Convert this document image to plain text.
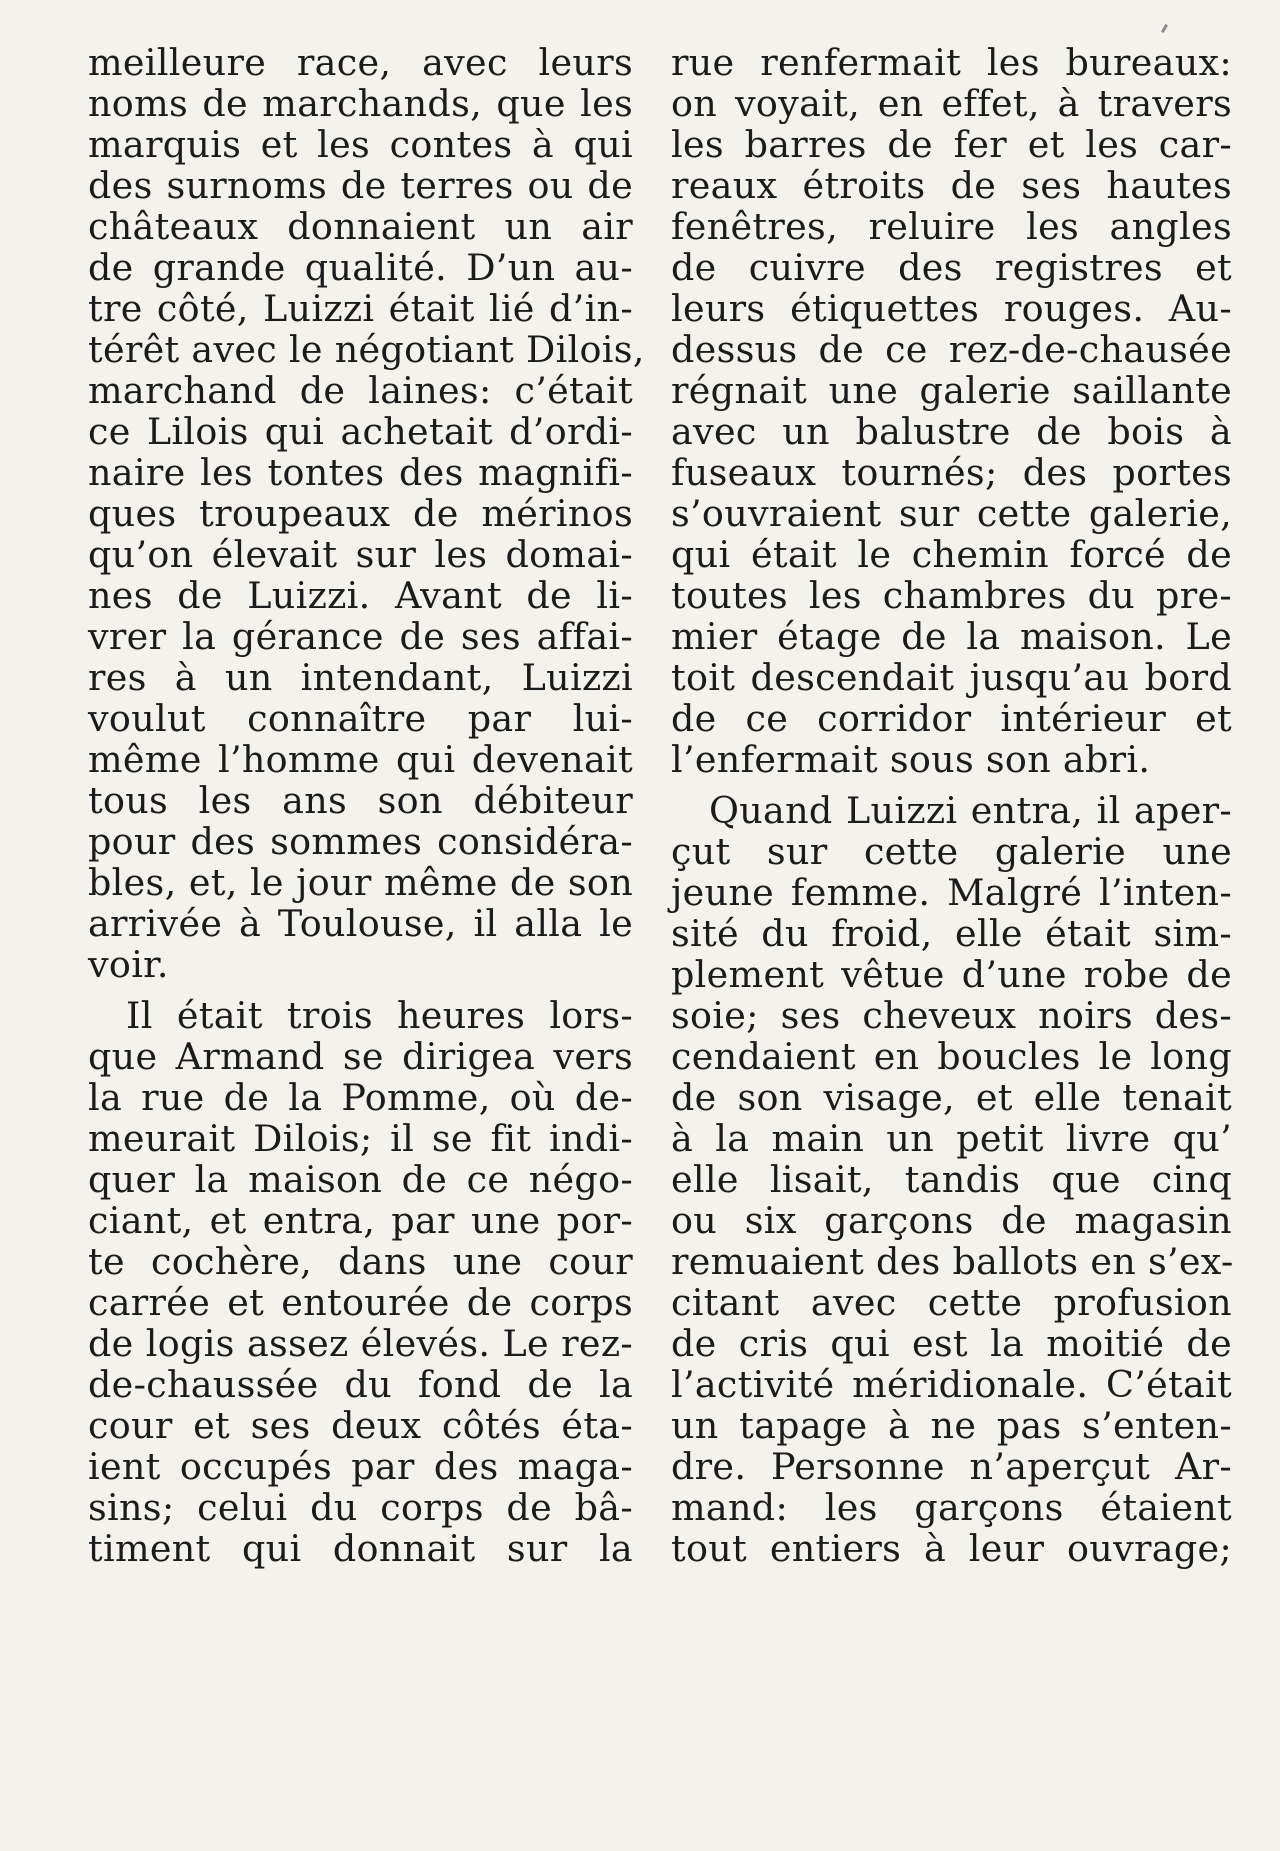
meilleure race, avec leurs
noms de marchands, que les
marquis et les contes à qui
des surnoms de terres ou de
châteaux donnaient un air
de grande qualité. D’un au-
tre côté, Luizzi était lié d’in-
térêt avec le négotiant Dilois,
marchand de laines: c’était
ce Lilois qui achetait d’ordi-
naire les tontes des magnifi-
ques troupeaux de mérinos
qu’on élevait sur les domai-
nes de Luizzi. Avant de li-
vrer la gérance de ses affai-
res à un intendant, Luizzi
voulut connaître par lui-
même l’homme qui devenait
tous les ans son débiteur
pour des sommes considéra-
bles, et, le jour même de son
arrivée à Toulouse, il alla le
voir.
Il était trois heures lors-
que Armand se dirigea vers
la rue de la Pomme, où de-
meurait Dilois; il se fit indi-
quer la maison de ce négo-
ciant, et entra, par une por-
te cochère, dans une cour
carrée et entourée de corps
de logis assez élevés. Le rez-
de-chaussée du fond de la
cour et ses deux côtés éta-
ient occupés par des maga-
sins; celui du corps de bâ-
timent qui donnait sur la
rue renfermait les bureaux:
on voyait, en effet, à travers
les barres de fer et les car-
reaux étroits de ses hautes
fenêtres, reluire les angles
de cuivre des registres et
leurs étiquettes rouges. Au-
dessus de ce rez-de-chausée
régnait une galerie saillante
avec un balustre de bois à
fuseaux tournés; des portes
s’ouvraient sur cette galerie,
qui était le chemin forcé de
toutes les chambres du pre-
mier étage de la maison. Le
toit descendait jusqu’au bord
de ce corridor intérieur et
l’enfermait sous son abri.
Quand Luizzi entra, il aper-
çut sur cette galerie une
jeune femme. Malgré l’inten-
sité du froid, elle était sim-
plement vêtue d’une robe de
soie; ses cheveux noirs des-
cendaient en boucles le long
de son visage, et elle tenait
à la main un petit livre qu’
elle lisait, tandis que cinq
ou six garçons de magasin
remuaient des ballots en s’ex-
citant avec cette profusion
de cris qui est la moitié de
l’activité méridionale. C’était
un tapage à ne pas s’enten-
dre. Personne n’aperçut Ar-
mand: les garçons étaient
tout entiers à leur ouvrage;
